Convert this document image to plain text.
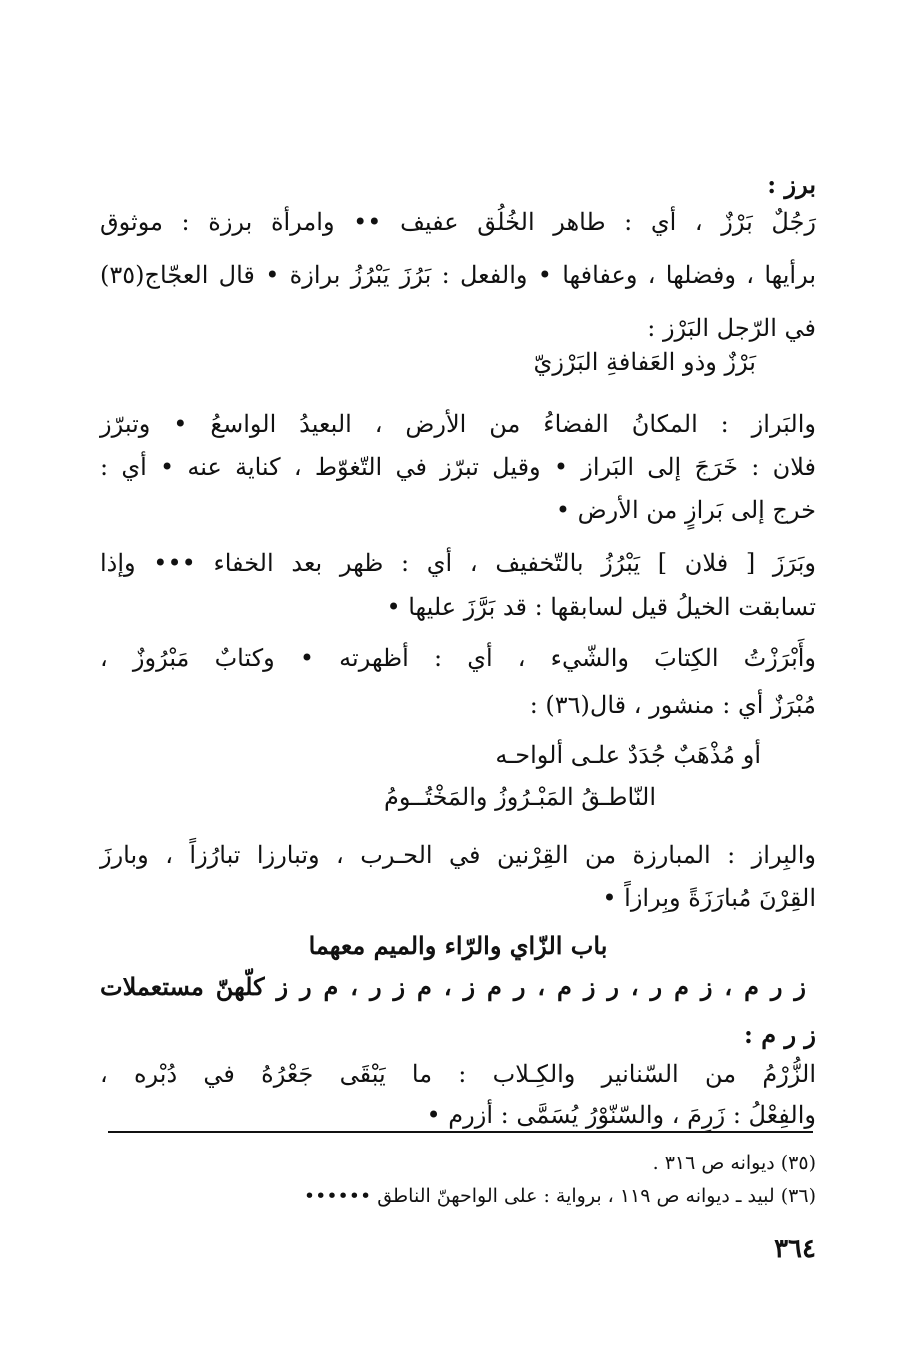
برز :
رَجُلٌ بَرْزٌ ، أي : طاهر الخُلُق عفيف •• وامرأة برزة : موثوق
برأيها ، وفضلها ، وعفافها • والفعل : بَرُزَ يَبْرُزُ برازة • قال العجّاج(٣٥)
في الرّجل البَرْز :
بَرْزٌ وذو العَفافةِ البَرْزيّ
والبَراز : المكانُ الفضاءُ من الأرض ، البعيدُ الواسعُ • وتبرّز
فلان : خَرَجَ إلى البَراز • وقيل تبرّز في التّغوّط ، كناية عنه • أي :
خرج إلى بَرازٍ من الأرض •
وبَرَزَ [ فلان ] يَبْرُزُ بالتّخفيف ، أي : ظهر بعد الخفاء ••• وإذا
تسابقت الخيلُ قيل لسابقها : قد بَرَّزَ عليها •
وأَبْرَزْتُ الكِتابَ والشّيء ، أي : أظهرته • وكتابٌ مَبْرُوزٌ ،
مُبْرَزٌ أي : منشور ، قال(٣٦) :
أو مُذْهَبٌ جُدَدٌ علـى ألواحـه
النّاطـقُ المَبْـرُوزُ والمَخْتُــومُ
والبِراز : المبارزة من القِرْنين في الحـرب ، وتبارزا تبارُزاً ، وبارزَ
القِرْنَ مُبارَزَةً وبِرازاً •
باب الزّاي والرّاء والميم معهما
ز ر م ، ز م ر ، ر ز م ، ر م ز ، م ز ر ، م ر ز كلّهنّ مستعملات
ز ر م :
الزُّرْمُ من السّنانير والكِـلاب : ما يَبْقَى جَعْرُهُ في دُبْره ،
والفِعْلُ : زَرِمَ ، والسّنّوْرُ يُسَمَّى : أزرم •
(٣٥) ديوانه ص ٣١٦ .
(٣٦) لبيد ـ ديوانه ص ١١٩ ، برواية : على الواحهنّ الناطق ••••••
٣٦٤
